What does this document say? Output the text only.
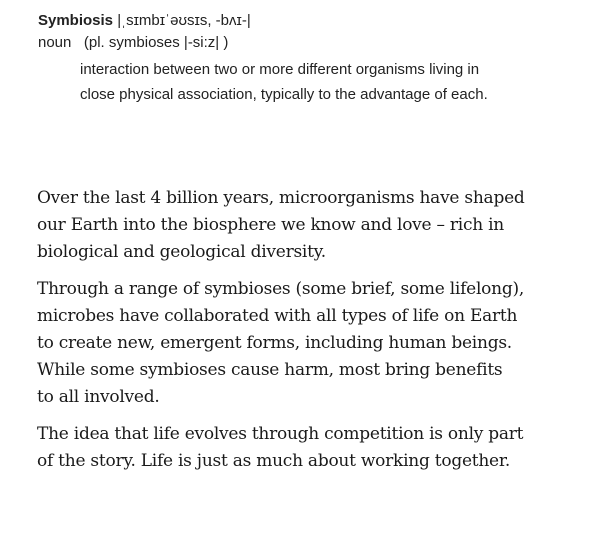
Symbiosis |ˌsɪmbɪˈəʊsɪs, -bʌɪ-|
noun (pl. symbioses |-si:z| )
interaction between two or more different organisms living in
close physical association, typically to the advantage of each.

Over the last 4 billion years, microorganisms have shaped
our Earth into the biosphere we know and love – rich in
biological and geological diversity.

Through a range of symbioses (some brief, some lifelong),
microbes have collaborated with all types of life on Earth
to create new, emergent forms, including human beings.
While some symbioses cause harm, most bring benefits
to all involved.

The idea that life evolves through competition is only part
of the story. Life is just as much about working together.
